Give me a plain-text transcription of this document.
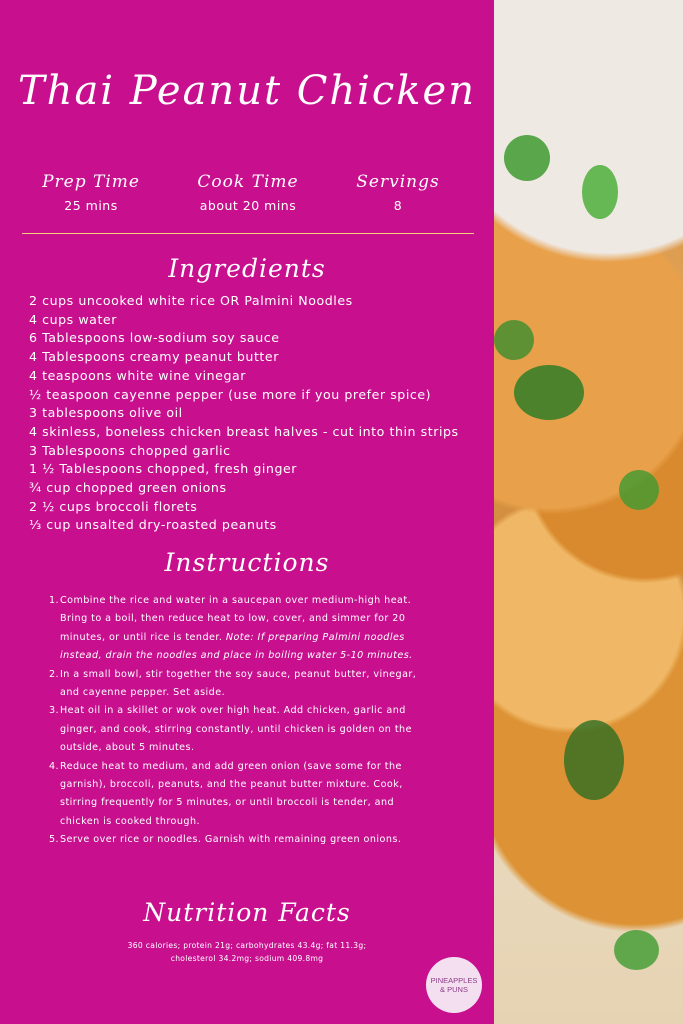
Thai Peanut Chicken
Prep Time
25 mins
Cook Time
about 20 mins
Servings
8
Ingredients
2 cups uncooked white rice OR Palmini Noodles
4 cups water
6 Tablespoons low-sodium soy sauce
4 Tablespoons creamy peanut butter
4 teaspoons white wine vinegar
½ teaspoon cayenne pepper (use more if you prefer spice)
3 tablespoons olive oil
4 skinless, boneless chicken breast halves - cut into thin strips
3 Tablespoons chopped garlic
1 ½ Tablespoons chopped, fresh ginger
¾ cup chopped green onions
2 ½ cups broccoli florets
⅓ cup unsalted dry-roasted peanuts
Instructions
1. Combine the rice and water in a saucepan over medium-high heat.
Bring to a boil, then reduce heat to low, cover, and simmer for 20
minutes, or until rice is tender. Note: If preparing Palmini noodles
instead, drain the noodles and place in boiling water 5-10 minutes.
2. In a small bowl, stir together the soy sauce, peanut butter, vinegar,
and cayenne pepper. Set aside.
3. Heat oil in a skillet or wok over high heat. Add chicken, garlic and
ginger, and cook, stirring constantly, until chicken is golden on the
outside, about 5 minutes.
4. Reduce heat to medium, and add green onion (save some for the
garnish), broccoli, peanuts, and the peanut butter mixture. Cook,
stirring frequently for 5 minutes, or until broccoli is tender, and
chicken is cooked through.
5. Serve over rice or noodles. Garnish with remaining green onions.
Nutrition Facts
360 calories; protein 21g; carbohydrates 43.4g; fat 11.3g;
cholesterol 34.2mg; sodium 409.8mg
PINEAPPLES
& PUNS
